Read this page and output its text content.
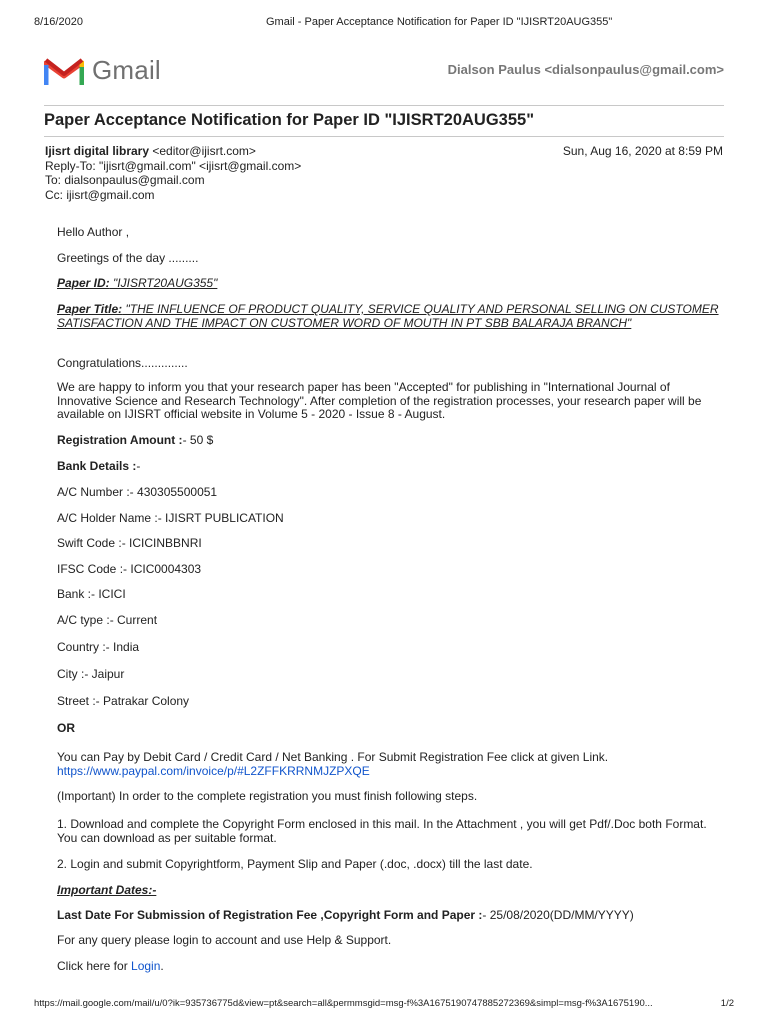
8/16/2020	Gmail - Paper Acceptance Notification for Paper ID "IJISRT20AUG355"
Gmail	Dialson Paulus <dialsonpaulus@gmail.com>
Paper Acceptance Notification for Paper ID "IJISRT20AUG355"
Ijisrt digital library <editor@ijisrt.com>
Reply-To: "ijisrt@gmail.com" <ijisrt@gmail.com>
To: dialsonpaulus@gmail.com
Cc: ijisrt@gmail.com
Sun, Aug 16, 2020 at 8:59 PM

Hello Author ,

Greetings of the day .........

Paper ID: "IJISRT20AUG355"

Paper Title: "THE INFLUENCE OF PRODUCT QUALITY, SERVICE QUALITY AND PERSONAL SELLING ON CUSTOMER SATISFACTION AND THE IMPACT ON CUSTOMER WORD OF MOUTH IN PT SBB BALARAJA BRANCH"

Congratulations..............

We are happy to inform you that your research paper has been "Accepted" for publishing in "International Journal of Innovative Science and Research Technology". After completion of the registration processes, your research paper will be available on IJISRT official website in Volume 5 - 2020 - Issue 8 - August.

Registration Amount :- 50 $

Bank Details :-

A/C Number :- 430305500051

A/C Holder Name :- IJISRT PUBLICATION

Swift Code :- ICICINBBNRI

IFSC Code :- ICIC0004303

Bank :- ICICI

A/C type :- Current

Country :- India

City :- Jaipur

Street :- Patrakar Colony

OR

You can Pay by Debit Card / Credit Card / Net Banking . For Submit Registration Fee click at given Link.

https://www.paypal.com/invoice/p/#L2ZFFKRRNMJZPXQE

(Important) In order to the complete registration you must finish following steps.

1. Download and complete the Copyright Form enclosed in this mail. In the Attachment , you will get Pdf/.Doc both Format. You can download as per suitable format.

2. Login and submit Copyrightform, Payment Slip and Paper (.doc, .docx) till the last date.

Important Dates:-

Last Date For Submission of Registration Fee ,Copyright Form and Paper :- 25/08/2020(DD/MM/YYYY)

For any query please login to account and use Help & Support.

Click here for Login.

https://mail.google.com/mail/u/0?ik=935736775d&view=pt&search=all&permmsgid=msg-f%3A1675190747885272369&simpl=msg-f%3A1675190...	1/2
